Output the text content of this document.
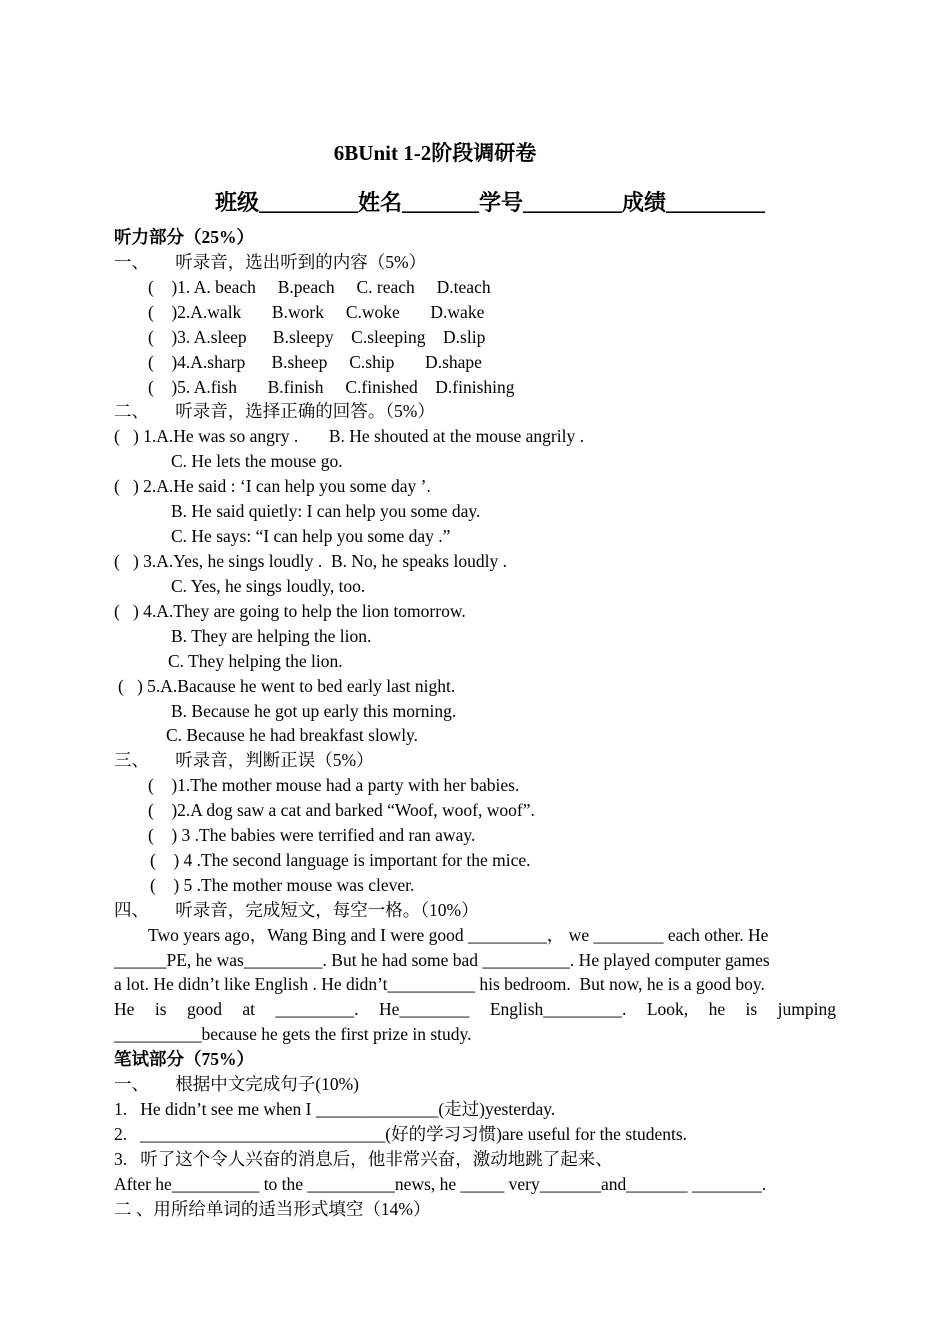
6BUnit 1-2阶段调研卷
班级_________姓名_______学号_________成绩_________
听力部分（25%）
一、      听录音，选出听到的内容（5%）
(    )1. A. beach     B.peach     C. reach     D.teach
(    )2.A.walk       B.work     C.woke       D.wake
(    )3. A.sleep      B.sleepy    C.sleeping    D.slip
(    )4.A.sharp      B.sheep     C.ship       D.shape
(    )5. A.fish       B.finish     C.finished    D.finishing
二、      听录音，选择正确的回答。（5%）
(   ) 1.A.He was so angry .       B. He shouted at the mouse angrily .
C. He lets the mouse go.
(   ) 2.A.He said : ‘I can help you some day ’.
B. He said quietly: I can help you some day.
C. He says: “I can help you some day .”
(   ) 3.A.Yes, he sings loudly .  B. No, he speaks loudly .
C. Yes, he sings loudly, too.
(   ) 4.A.They are going to help the lion tomorrow.
B. They are helping the lion.
C. They helping the lion.
(   ) 5.A.Bacause he went to bed early last night.
B. Because he got up early this morning.
C. Because he had breakfast slowly.
三、      听录音，判断正误（5%）
(    )1.The mother mouse had a party with her babies.
(    )2.A dog saw a cat and barked “Woof, woof, woof”.
(    ) 3 .The babies were terrified and ran away.
(    ) 4 .The second language is important for the mice.
(    ) 5 .The mother mouse was clever.
四、      听录音，完成短文，每空一格。（10%）
Two years ago，Wang Bing and I were good _________， we ________ each other. He
______PE, he was_________. But he had some bad __________. He played computer games
a lot. He didn’t like English . He didn’t__________ his bedroom.  But now, he is a good boy.
He is good at _________. He________ English_________. Look, he is jumping
__________because he gets the first prize in study.
笔试部分（75%）
一、      根据中文完成句子(10%)
1.   He didn’t see me when I ______________(走过)yesterday.
2.   ____________________________(好的学习习惯)are useful for the students.
3.   听了这个令人兴奋的消息后，他非常兴奋，激动地跳了起来、
After he__________ to the __________news, he _____ very_______and_______ ________.
二 、用所给单词的适当形式填空（14%）
